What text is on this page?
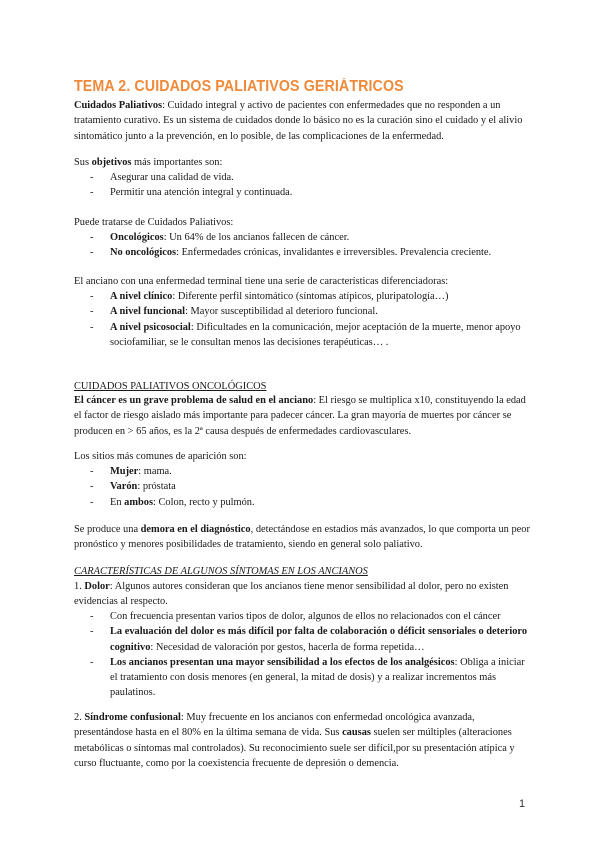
TEMA 2. CUIDADOS PALIATIVOS GERIÁTRICOS

Cuidados Paliativos: Cuidado integral y activo de pacientes con enfermedades que no responden a un tratamiento curativo. Es un sistema de cuidados donde lo básico no es la curación sino el cuidado y el alivio sintomático junto a la prevención, en lo posible, de las complicaciones de la enfermedad.

Sus objetivos más importantes son:

- Asegurar una calidad de vida.
- Permitir una atención integral y continuada.

Puede tratarse de Cuidados Paliativos:

- Oncológicos: Un 64% de los ancianos fallecen de cáncer.
- No oncológicos: Enfermedades crónicas, invalidantes e irreversibles. Prevalencia creciente.

El anciano con una enfermedad terminal tiene una serie de características diferenciadoras:

- A nivel clínico: Diferente perfil sintomático (síntomas atípicos, pluripatología…)
- A nivel funcional: Mayor susceptibilidad al deterioro funcional.
- A nivel psicosocial: Dificultades en la comunicación, mejor aceptación de la muerte, menor apoyo sociofamiliar, se le consultan menos las decisiones terapéuticas… .

CUIDADOS PALIATIVOS ONCOLÓGICOS

El cáncer es un grave problema de salud en el anciano: El riesgo se multiplica x10, constituyendo la edad el factor de riesgo aislado más importante para padecer cáncer. La gran mayoría de muertes por cáncer se producen en > 65 años, es la 2ª causa después de enfermedades cardiovasculares.

Los sitios más comunes de aparición son:

- Mujer: mama.
- Varón: próstata
- En ambos: Colon, recto y pulmón.

Se produce una demora en el diagnóstico, detectándose en estadios más avanzados, lo que comporta un peor pronóstico y menores posibilidades de tratamiento, siendo en general solo paliativo.

CARACTERÍSTICAS DE ALGUNOS SÍNTOMAS EN LOS ANCIANOS

1. Dolor: Algunos autores consideran que los ancianos tiene menor sensibilidad al dolor, pero no existen evidencias al respecto.

- Con frecuencia presentan varios tipos de dolor, algunos de ellos no relacionados con el cáncer
- La evaluación del dolor es más difícil por falta de colaboración o déficit sensoriales o deterioro cognitivo: Necesidad de valoración por gestos, hacerla de forma repetida…
- Los ancianos presentan una mayor sensibilidad a los efectos de los analgésicos: Obliga a iniciar el tratamiento con dosis menores (en general, la mitad de dosis) y a realizar incrementos más paulatinos.

2. Síndrome confusional: Muy frecuente en los ancianos con enfermedad oncológica avanzada, presentándose hasta en el 80% en la última semana de vida. Sus causas suelen ser múltiples (alteraciones metabólicas o síntomas mal controlados). Su reconocimiento suele ser difícil,por su presentación atípica y curso fluctuante, como por la coexistencia frecuente de depresión o demencia.

1
